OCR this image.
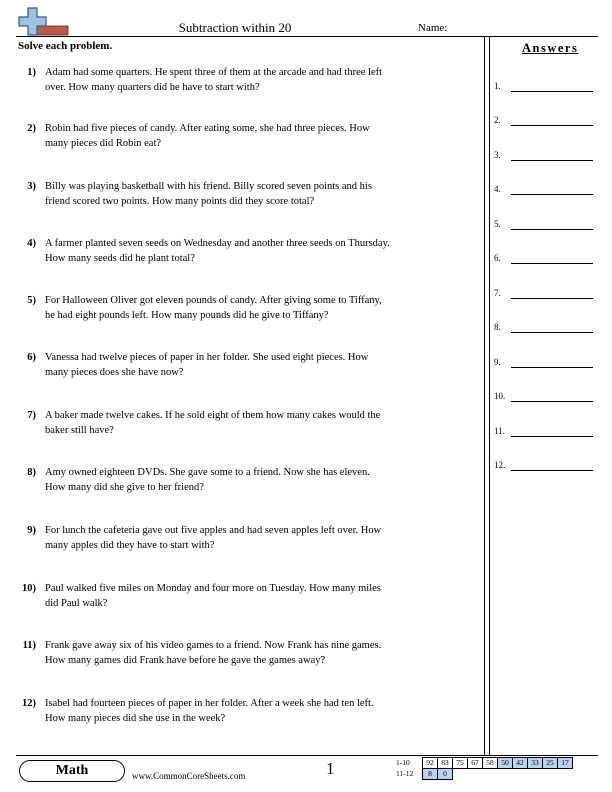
Subtraction within 20	Name:
Solve each problem.
1) Adam had some quarters. He spent three of them at the arcade and had three left over. How many quarters did he have to start with?
2) Robin had five pieces of candy. After eating some, she had three pieces. How many pieces did Robin eat?
3) Billy was playing basketball with his friend. Billy scored seven points and his friend scored two points. How many points did they score total?
4) A farmer planted seven seeds on Wednesday and another three seeds on Thursday. How many seeds did he plant total?
5) For Halloween Oliver got eleven pounds of candy. After giving some to Tiffany, he had eight pounds left. How many pounds did he give to Tiffany?
6) Vanessa had twelve pieces of paper in her folder. She used eight pieces. How many pieces does she have now?
7) A baker made twelve cakes. If he sold eight of them how many cakes would the baker still have?
8) Amy owned eighteen DVDs. She gave some to a friend. Now she has eleven. How many did she give to her friend?
9) For lunch the cafeteria gave out five apples and had seven apples left over. How many apples did they have to start with?
10) Paul walked five miles on Monday and four more on Tuesday. How many miles did Paul walk?
11) Frank gave away six of his video games to a friend. Now Frank has nine games. How many games did Frank have before he gave the games away?
12) Isabel had fourteen pieces of paper in her folder. After a week she had ten left. How many pieces did she use in the week?
Answers
1.
2.
3.
4.
5.
6.
7.
8.
9.
10.
11.
12.
Math	www.CommonCoreSheets.com	1	1-10	92	83	75	67	58	50	42	33	25	17
11-12	8	0								
